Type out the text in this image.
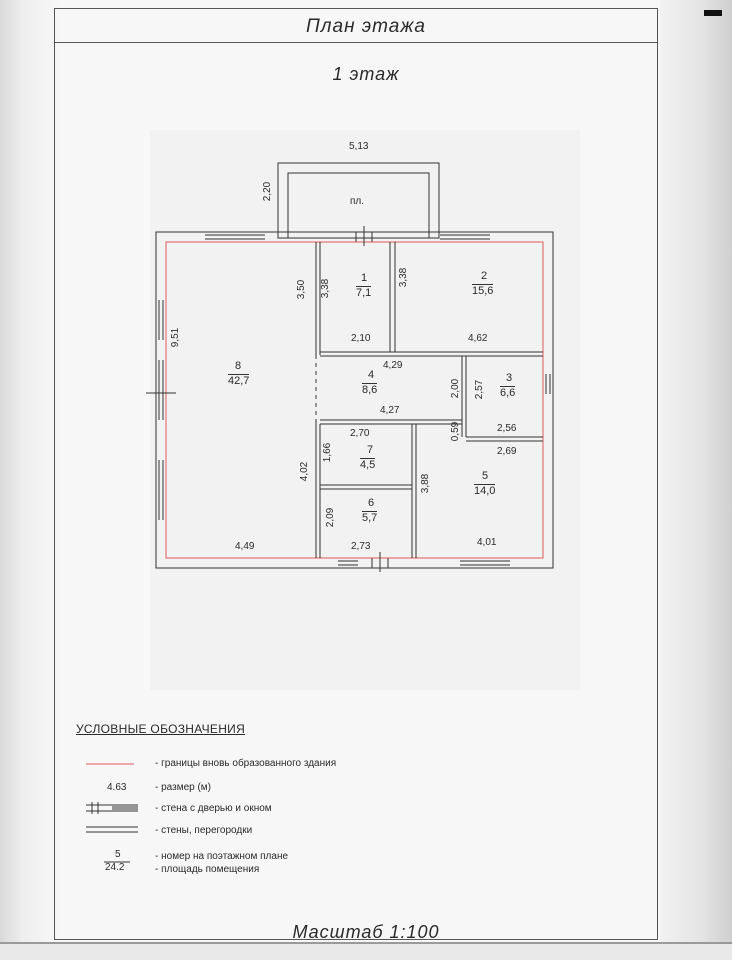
План этажа
1 этаж
5,13
2,20
пл.
9,51
8
42,7
3,50
4,02
4,49
1
7,1
3,38
2,10
2
15,6
3,38
4,62
4,29
4
8,6
4,27
2,00 2,57
3
6,6
2,56
2,70
1,66	7
4,5
0,59
2,69
5
14,0
3,88
4,01
2,09
6
5,7
2,73
УСЛОВНЫЕ ОБОЗНАЧЕНИЯ
4.63
5
24.2
- границы вновь образованного здания
- размер (м)
- стена с дверью и окном
- стены, перегородки
- номер на поэтажном плане
- площадь помещения
Масштаб 1:100
